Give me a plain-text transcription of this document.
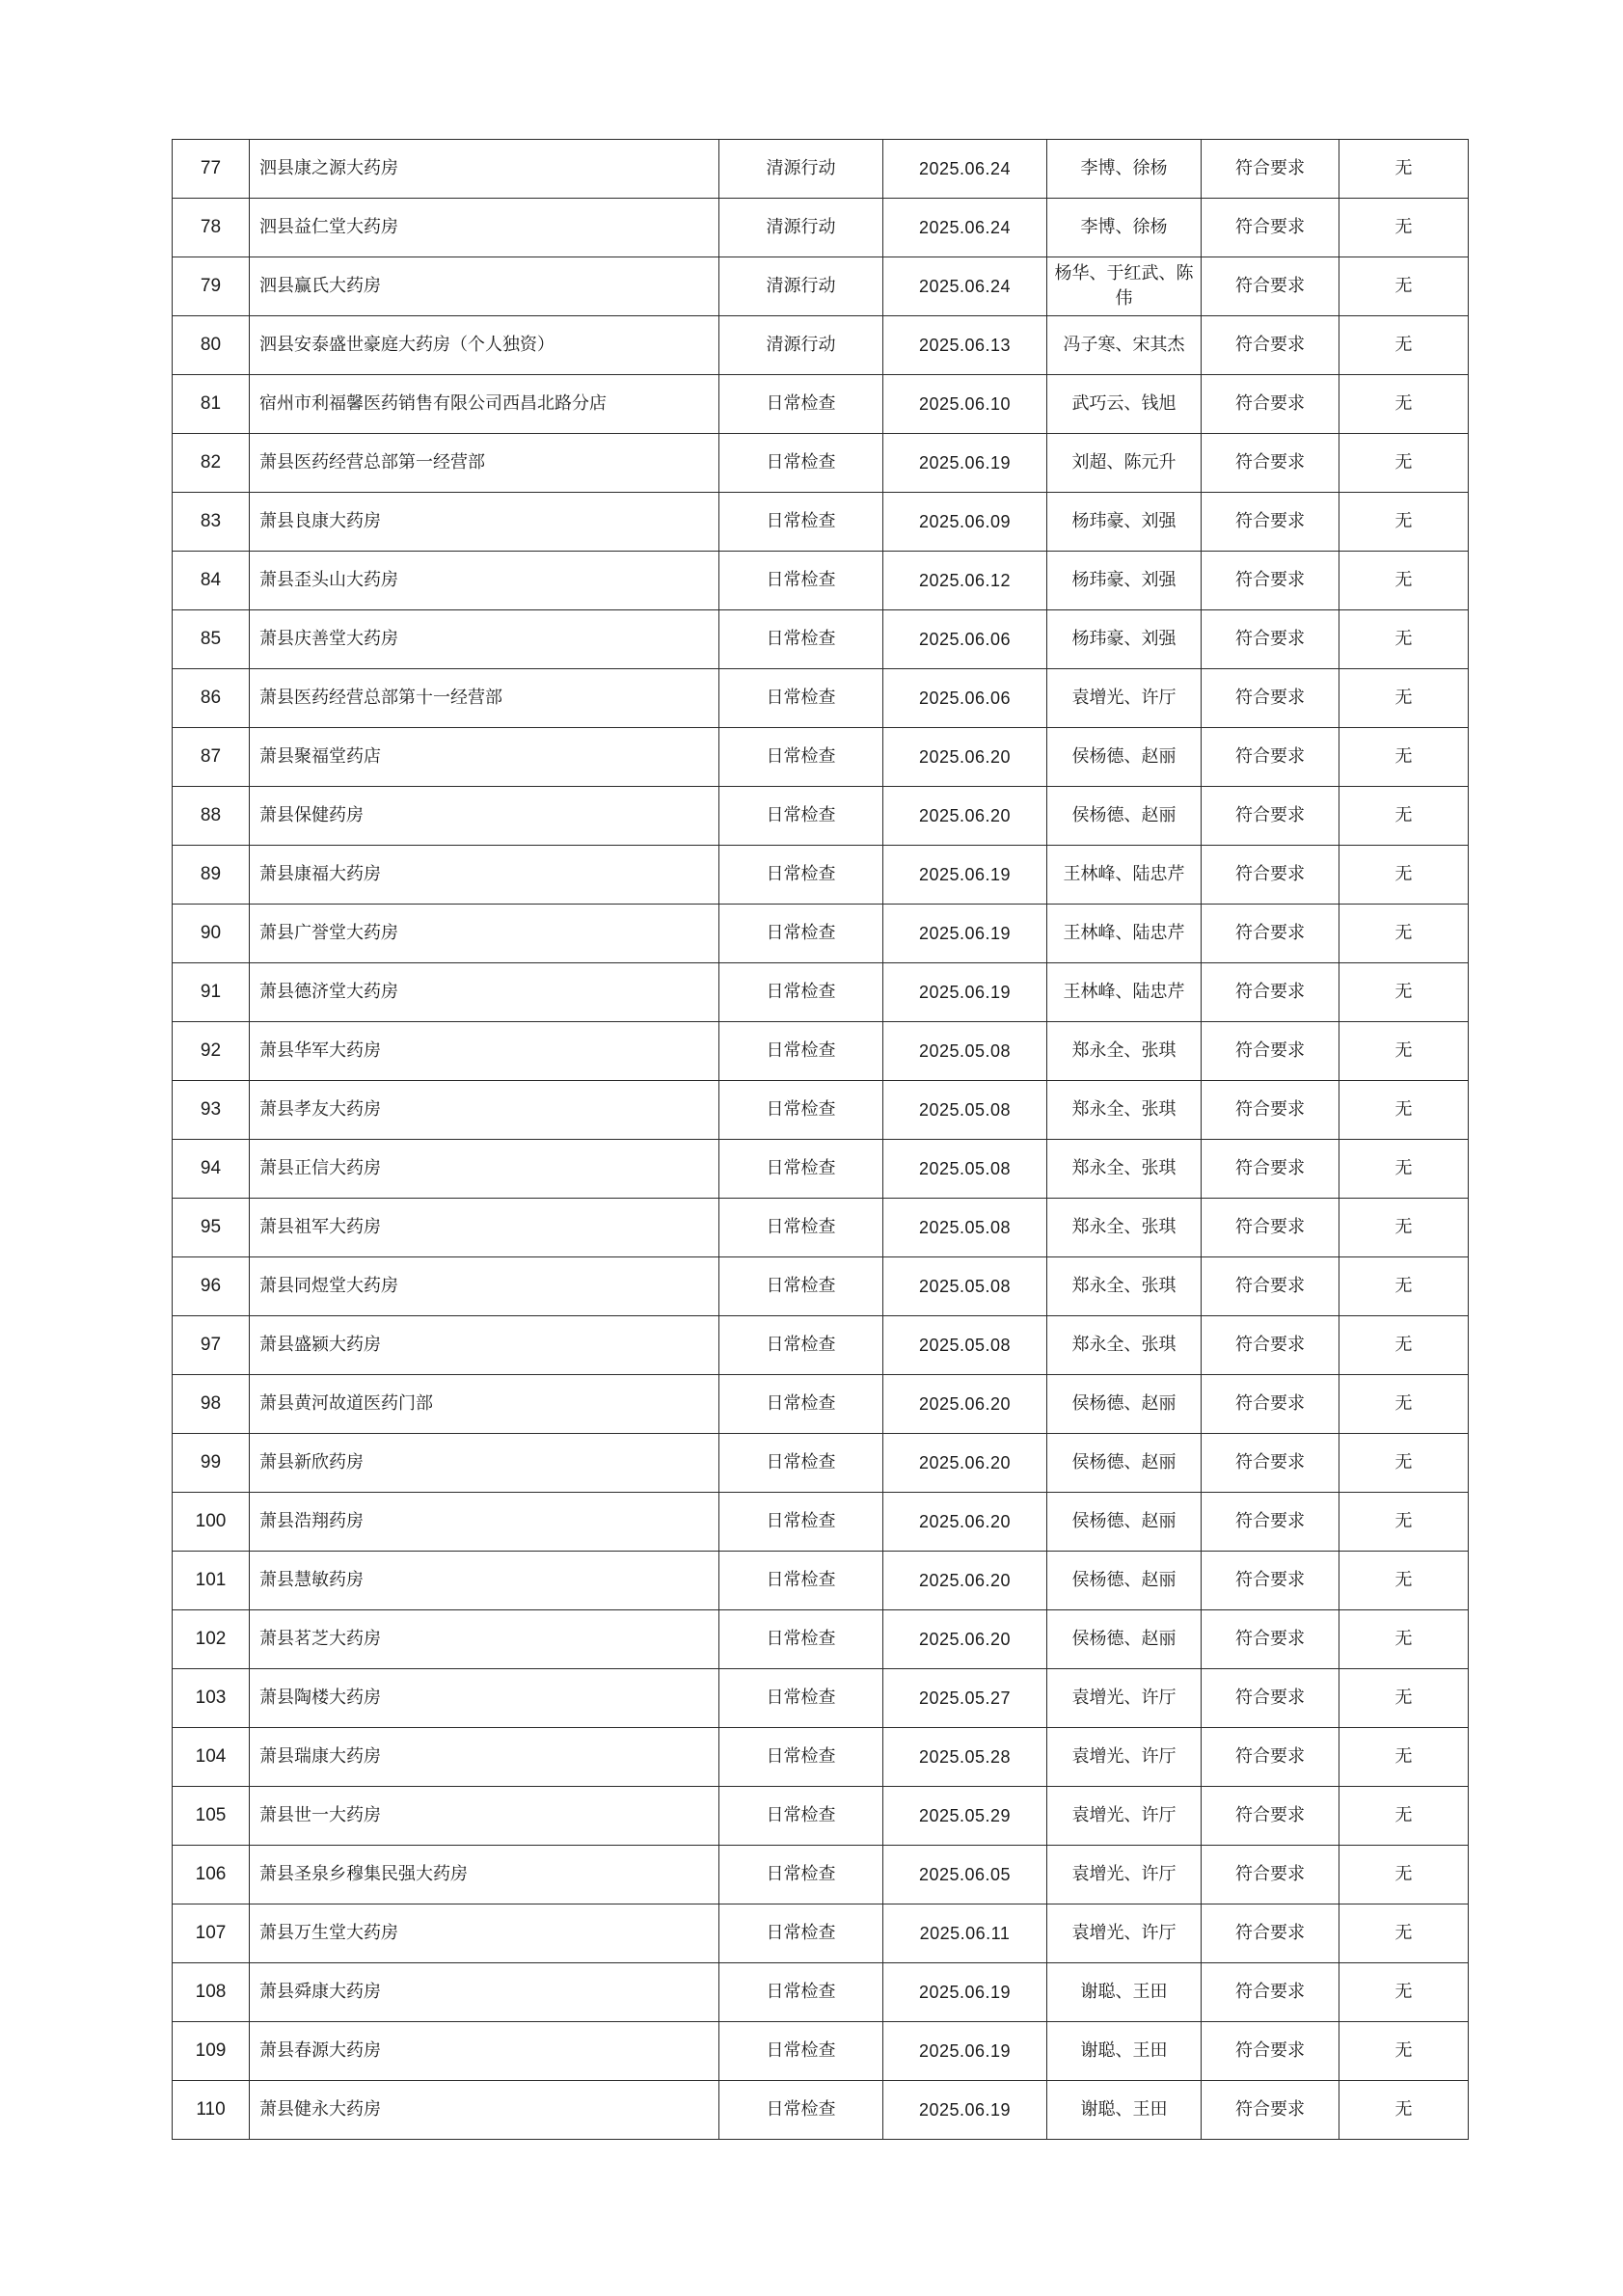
77	泗县康之源大药房	清源行动	2025.06.24	李博、徐杨	符合要求	无
78	泗县益仁堂大药房	清源行动	2025.06.24	李博、徐杨	符合要求	无
79	泗县赢氏大药房	清源行动	2025.06.24	杨华、于红武、陈伟	符合要求	无
80	泗县安泰盛世豪庭大药房（个人独资）	清源行动	2025.06.13	冯子寒、宋其杰	符合要求	无
81	宿州市利福馨医药销售有限公司西昌北路分店	日常检查	2025.06.10	武巧云、钱旭	符合要求	无
82	萧县医药经营总部第一经营部	日常检查	2025.06.19	刘超、陈元升	符合要求	无
83	萧县良康大药房	日常检查	2025.06.09	杨玮豪、刘强	符合要求	无
84	萧县歪头山大药房	日常检查	2025.06.12	杨玮豪、刘强	符合要求	无
85	萧县庆善堂大药房	日常检查	2025.06.06	杨玮豪、刘强	符合要求	无
86	萧县医药经营总部第十一经营部	日常检查	2025.06.06	袁增光、许厅	符合要求	无
87	萧县聚福堂药店	日常检查	2025.06.20	侯杨德、赵丽	符合要求	无
88	萧县保健药房	日常检查	2025.06.20	侯杨德、赵丽	符合要求	无
89	萧县康福大药房	日常检查	2025.06.19	王林峰、陆忠芹	符合要求	无
90	萧县广誉堂大药房	日常检查	2025.06.19	王林峰、陆忠芹	符合要求	无
91	萧县德济堂大药房	日常检查	2025.06.19	王林峰、陆忠芹	符合要求	无
92	萧县华军大药房	日常检查	2025.05.08	郑永全、张琪	符合要求	无
93	萧县孝友大药房	日常检查	2025.05.08	郑永全、张琪	符合要求	无
94	萧县正信大药房	日常检查	2025.05.08	郑永全、张琪	符合要求	无
95	萧县祖军大药房	日常检查	2025.05.08	郑永全、张琪	符合要求	无
96	萧县同煜堂大药房	日常检查	2025.05.08	郑永全、张琪	符合要求	无
97	萧县盛颍大药房	日常检查	2025.05.08	郑永全、张琪	符合要求	无
98	萧县黄河故道医药门部	日常检查	2025.06.20	侯杨德、赵丽	符合要求	无
99	萧县新欣药房	日常检查	2025.06.20	侯杨德、赵丽	符合要求	无
100	萧县浩翔药房	日常检查	2025.06.20	侯杨德、赵丽	符合要求	无
101	萧县慧敏药房	日常检查	2025.06.20	侯杨德、赵丽	符合要求	无
102	萧县茗芝大药房	日常检查	2025.06.20	侯杨德、赵丽	符合要求	无
103	萧县陶楼大药房	日常检查	2025.05.27	袁增光、许厅	符合要求	无
104	萧县瑞康大药房	日常检查	2025.05.28	袁增光、许厅	符合要求	无
105	萧县世一大药房	日常检查	2025.05.29	袁增光、许厅	符合要求	无
106	萧县圣泉乡穆集民强大药房	日常检查	2025.06.05	袁增光、许厅	符合要求	无
107	萧县万生堂大药房	日常检查	2025.06.11	袁增光、许厅	符合要求	无
108	萧县舜康大药房	日常检查	2025.06.19	谢聪、王田	符合要求	无
109	萧县春源大药房	日常检查	2025.06.19	谢聪、王田	符合要求	无
110	萧县健永大药房	日常检查	2025.06.19	谢聪、王田	符合要求	无
